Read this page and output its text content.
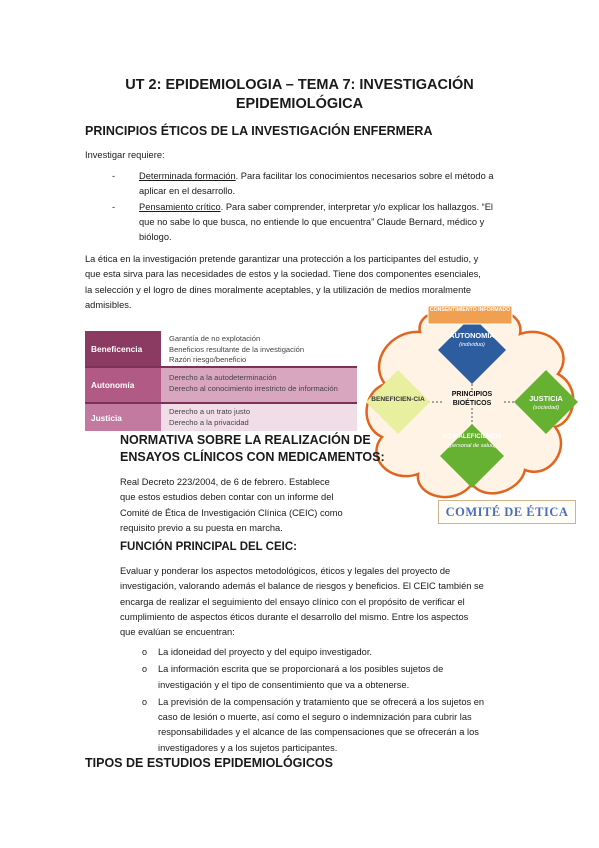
UT 2: EPIDEMIOLOGIA – TEMA 7: INVESTIGACIÓN
EPIDEMIOLÓGICA
PRINCIPIOS ÉTICOS DE LA INVESTIGACIÓN ENFERMERA
Investigar requiere:
-	Determinada formación. Para facilitar los conocimientos necesarios sobre el método a
aplicar en el desarrollo.
-	Pensamiento crítico. Para saber comprender, interpretar y/o explicar los hallazgos. “El
que no sabe lo que busca, no entiende lo que encuentra” Claude Bernard, médico y
biólogo.
La ética en la investigación pretende garantizar una protección a los participantes del estudio, y
que esta sirva para las necesidades de estos y la sociedad. Tiene dos componentes esenciales,
la selección y el logro de dines moralmente aceptables, y la utilización de medios moralmente
admisibles.
Beneficencia
Garantía de no explotación
Beneficios resultante de la investigación
Razón riesgo/beneficio
Autonomía
Derecho a la autodeterminación
Derecho al conocimiento irrestricto de información
Justicia
Derecho a un trato justo
Derecho a la privacidad
CONSENTIMIENTO INFORMADO
AUTONOMÍA
(individuo)
BENEFICIEN-CIA	JUSTICIA
(sociedad)
NO MALEFICIENCIA
(personal de salud)
PRINCIPIOS
BIOÉTICOS
COMITÉ DE ÉTICA
NORMATIVA SOBRE LA REALIZACIÓN DE
ENSAYOS CLÍNICOS CON MEDICAMENTOS:
Real Decreto 223/2004, de 6 de febrero. Establece
que estos estudios deben contar con un informe del
Comité de Ética de Investigación Clínica (CEIC) como
requisito previo a su puesta en marcha.
FUNCIÓN PRINCIPAL DEL CEIC:
Evaluar y ponderar los aspectos metodológicos, éticos y legales del proyecto de
investigación, valorando además el balance de riesgos y beneficios. El CEIC también se
encarga de realizar el seguimiento del ensayo clínico con el propósito de verificar el
cumplimiento de aspectos éticos durante el desarrollo del mismo. Entre los aspectos
que evalúan se encuentran:
o La idoneidad del proyecto y del equipo investigador.
o La información escrita que se proporcionará a los posibles sujetos de
investigación y el tipo de consentimiento que va a obtenerse.
o La previsión de la compensación y tratamiento que se ofrecerá a los sujetos en
caso de lesión o muerte, así como el seguro o indemnización para cubrir las
responsabilidades y el alcance de las compensaciones que se ofrecerán a los
investigadores y a los sujetos participantes.
TIPOS DE ESTUDIOS EPIDEMIOLÓGICOS
